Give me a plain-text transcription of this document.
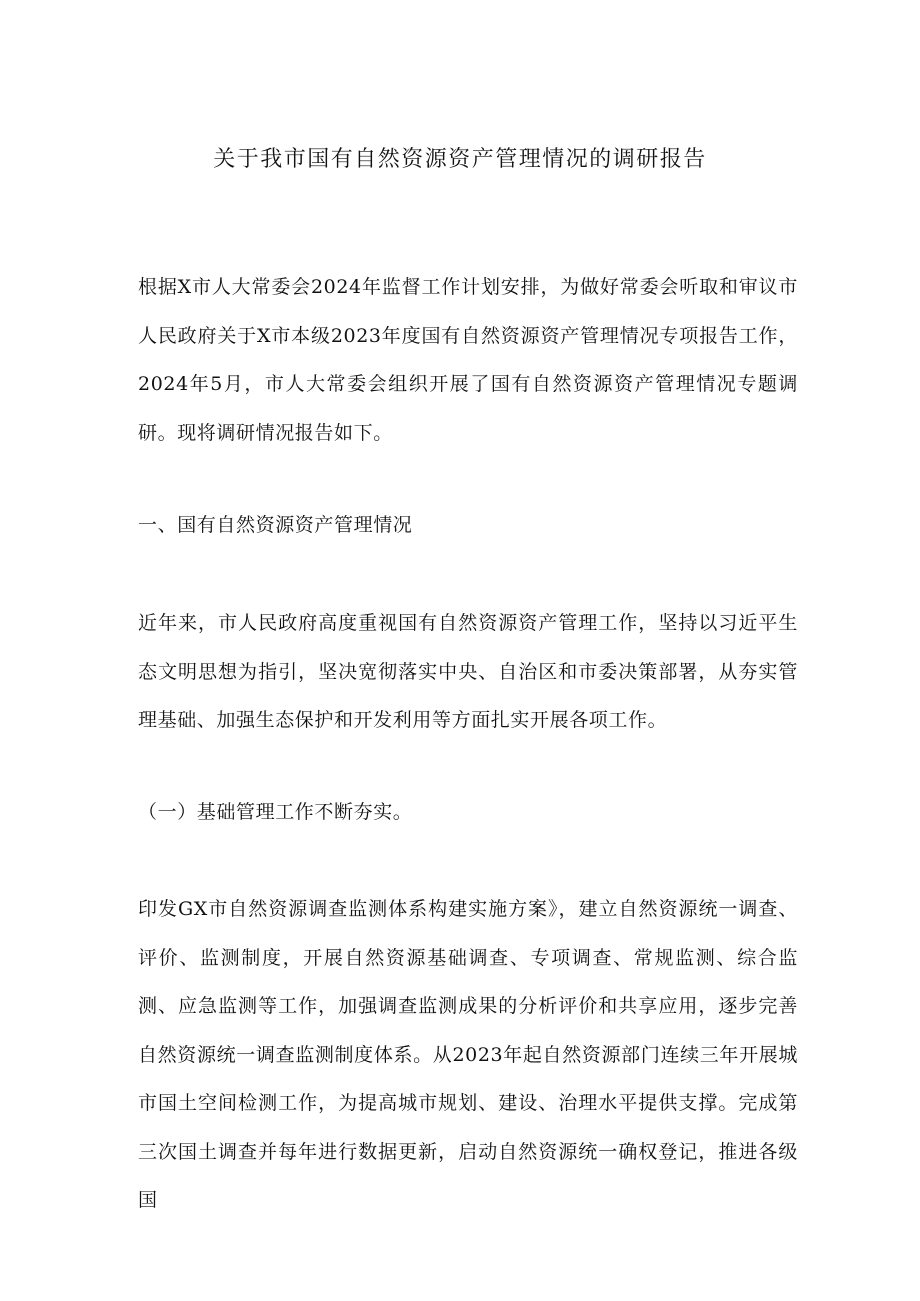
关于我市国有自然资源资产管理情况的调研报告

根据X市人大常委会2024年监督工作计划安排，为做好常委会听取和审议市人民政府关于X市本级2023年度国有自然资源资产管理情况专项报告工作，2024年5月，市人大常委会组织开展了国有自然资源资产管理情况专题调研。现将调研情况报告如下。

一、国有自然资源资产管理情况

近年来，市人民政府高度重视国有自然资源资产管理工作，坚持以习近平生态文明思想为指引，坚决宽彻落实中央、自治区和市委决策部署，从夯实管理基础、加强生态保护和开发利用等方面扎实开展各项工作。

（一）基础管理工作不断夯实。

印发GX市自然资源调查监测体系构建实施方案》，建立自然资源统一调查、评价、监测制度，开展自然资源基础调查、专项调查、常规监测、综合监测、应急监测等工作，加强调查监测成果的分析评价和共享应用，逐步完善自然资源统一调查监测制度体系。从2023年起自然资源部门连续三年开展城市国土空间检测工作，为提高城市规划、建设、治理水平提供支撑。完成第三次国土调查并每年进行数据更新，启动自然资源统一确权登记，推进各级国
